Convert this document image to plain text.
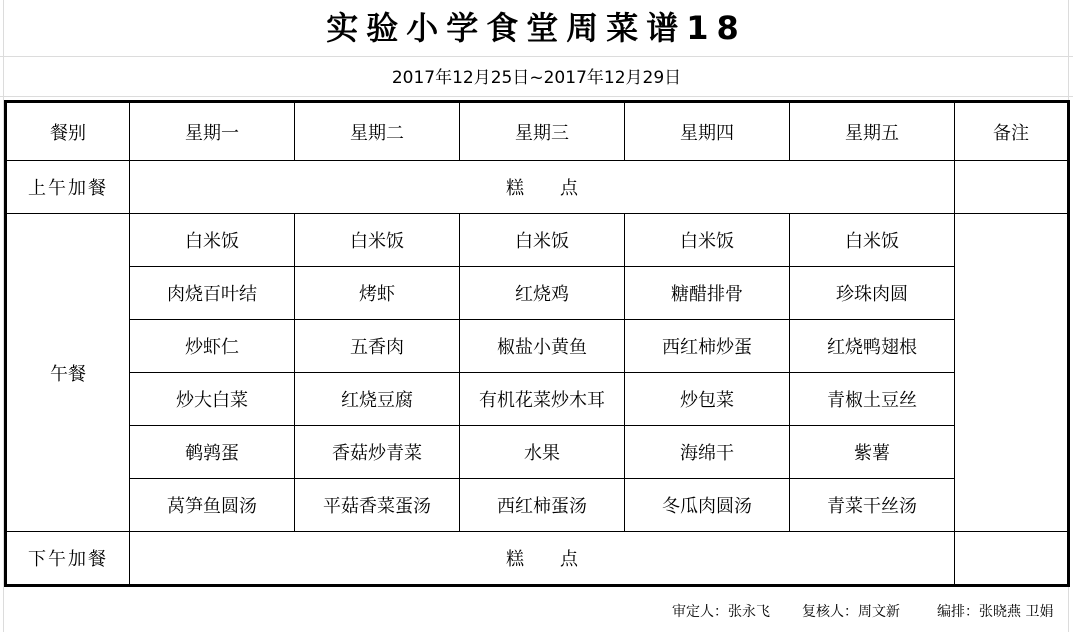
实验小学食堂周菜谱18
2017年12月25日~2017年12月29日
餐别	星期一	星期二	星期三	星期四	星期五	备注
上午加餐	糕　　点					
午餐	白米饭	白米饭	白米饭	白米饭	白米饭	
	肉烧百叶结	烤虾	红烧鸡	糖醋排骨	珍珠肉圆	
	炒虾仁	五香肉	椒盐小黄鱼	西红柿炒蛋	红烧鸭翅根	
	炒大白菜	红烧豆腐	有机花菜炒木耳	炒包菜	青椒土豆丝	
	鹌鹑蛋	香菇炒青菜	水果	海绵干	紫薯	
	莴笋鱼圆汤	平菇香菜蛋汤	西红柿蛋汤	冬瓜肉圆汤	青菜干丝汤	
下午加餐	糕　　点					
审定人：张永飞 复核人：周文新	编排：张晓燕 卫娟
